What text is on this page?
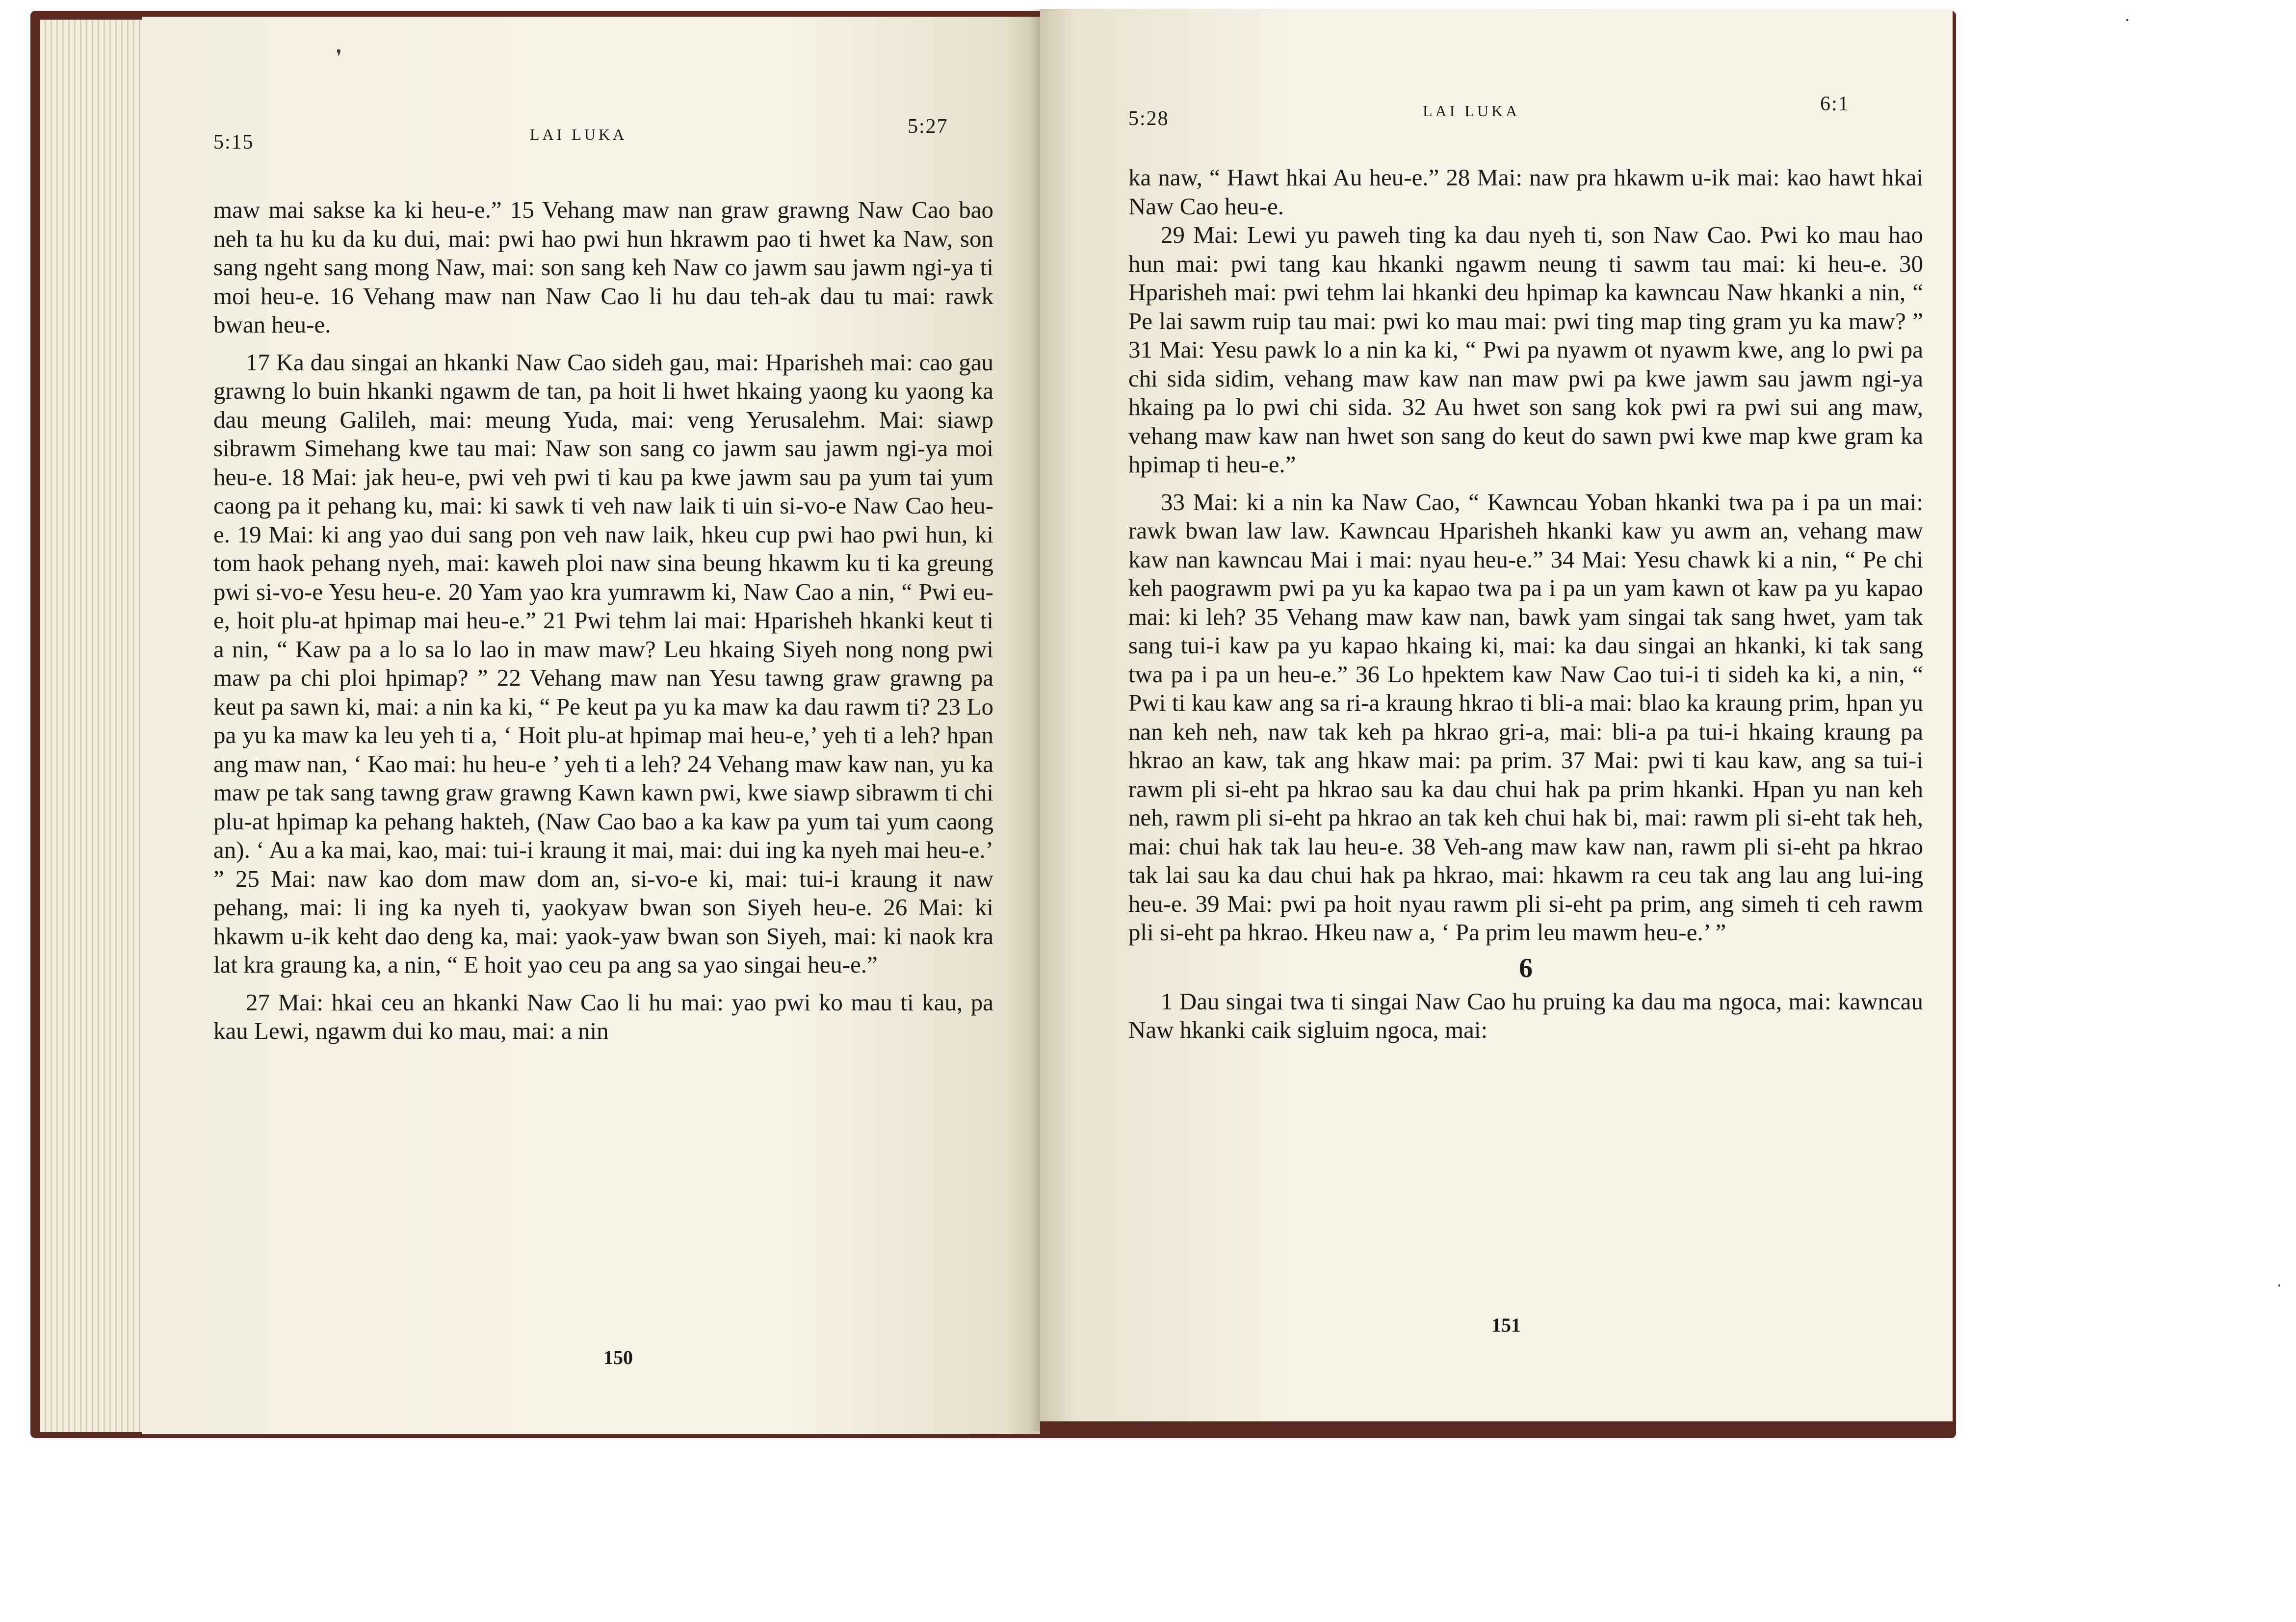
❜
5:15	LAI LUKA	5:27

maw mai sakse ka ki heu-e.” 15 Vehang maw nan graw grawng Naw Cao bao neh ta hu ku da ku dui, mai: pwi hao pwi hun hkrawm pao ti hwet ka Naw, son sang ngeht sang mong Naw, mai: son sang keh Naw co jawm sau jawm ngi-ya ti moi heu-e. 16 Vehang maw nan Naw Cao li hu dau teh-ak dau tu mai: rawk bwan heu-e.

17 Ka dau singai an hkanki Naw Cao sideh gau, mai: Hparisheh mai: cao gau grawng lo buin hkanki ngawm de tan, pa hoit li hwet hkaing yaong ku yaong ka dau meung Galileh, mai: meung Yuda, mai: veng Yerusalehm. Mai: siawp sibrawm Simehang kwe tau mai: Naw son sang co jawm sau jawm ngi-ya moi heu-e. 18 Mai: jak heu-e, pwi veh pwi ti kau pa kwe jawm sau pa yum tai yum caong pa it pehang ku, mai: ki sawk ti veh naw laik ti uin si-vo-e Naw Cao heu-e. 19 Mai: ki ang yao dui sang pon veh naw laik, hkeu cup pwi hao pwi hun, ki tom haok pehang nyeh, mai: kaweh ploi naw sina beung hkawm ku ti ka greung pwi si-vo-e Yesu heu-e. 20 Yam yao kra yumrawm ki, Naw Cao a nin, “ Pwi eu-e, hoit plu-at hpimap mai heu-e.” 21 Pwi tehm lai mai: Hparisheh hkanki keut ti a nin, “ Kaw pa a lo sa lo lao in maw maw? Leu hkaing Siyeh nong nong pwi maw pa chi ploi hpimap? ” 22 Vehang maw nan Yesu tawng graw grawng pa keut pa sawn ki, mai: a nin ka ki, “ Pe keut pa yu ka maw ka dau rawm ti? 23 Lo pa yu ka maw ka leu yeh ti a, ‘ Hoit plu-at hpimap mai heu-e,’ yeh ti a leh? hpan ang maw nan, ‘ Kao mai: hu heu-e ’ yeh ti a leh? 24 Vehang maw kaw nan, yu ka maw pe tak sang tawng graw grawng Kawn kawn pwi, kwe siawp sibrawm ti chi plu-at hpimap ka pehang hakteh, (Naw Cao bao a ka kaw pa yum tai yum caong an). ‘ Au a ka mai, kao, mai: tui-i kraung it mai, mai: dui ing ka nyeh mai heu-e.’ ” 25 Mai: naw kao dom maw dom an, si-vo-e ki, mai: tui-i kraung it naw pehang, mai: li ing ka nyeh ti, yaokyaw bwan son Siyeh heu-e. 26 Mai: ki hkawm u-ik keht dao deng ka, mai: yaok-yaw bwan son Siyeh, mai: ki naok kra lat kra graung ka, a nin, “ E hoit yao ceu pa ang sa yao singai heu-e.”

27 Mai: hkai ceu an hkanki Naw Cao li hu mai: yao pwi ko mau ti kau, pa kau Lewi, ngawm dui ko mau, mai: a nin

150
5:28	LAI LUKA	6:1

ka naw, “ Hawt hkai Au heu-e.” 28 Mai: naw pra hkawm u-ik mai: kao hawt hkai Naw Cao heu-e.

29 Mai: Lewi yu paweh ting ka dau nyeh ti, son Naw Cao. Pwi ko mau hao hun mai: pwi tang kau hkanki ngawm neung ti sawm tau mai: ki heu-e. 30 Hparisheh mai: pwi tehm lai hkanki deu hpimap ka kawncau Naw hkanki a nin, “ Pe lai sawm ruip tau mai: pwi ko mau mai: pwi ting map ting gram yu ka maw? ” 31 Mai: Yesu pawk lo a nin ka ki, “ Pwi pa nyawm ot nyawm kwe, ang lo pwi pa chi sida sidim, vehang maw kaw nan maw pwi pa kwe jawm sau jawm ngi-ya hkaing pa lo pwi chi sida. 32 Au hwet son sang kok pwi ra pwi sui ang maw, vehang maw kaw nan hwet son sang do keut do sawn pwi kwe map kwe gram ka hpimap ti heu-e.”

33 Mai: ki a nin ka Naw Cao, “ Kawncau Yoban hkanki twa pa i pa un mai: rawk bwan law law. Kawncau Hparisheh hkanki kaw yu awm an, vehang maw kaw nan kawncau Mai i mai: nyau heu-e.” 34 Mai: Yesu chawk ki a nin, “ Pe chi keh paograwm pwi pa yu ka kapao twa pa i pa un yam kawn ot kaw pa yu kapao mai: ki leh? 35 Vehang maw kaw nan, bawk yam singai tak sang hwet, yam tak sang tui-i kaw pa yu kapao hkaing ki, mai: ka dau singai an hkanki, ki tak sang twa pa i pa un heu-e.” 36 Lo hpektem kaw Naw Cao tui-i ti sideh ka ki, a nin, “ Pwi ti kau kaw ang sa ri-a kraung hkrao ti bli-a mai: blao ka kraung prim, hpan yu nan keh neh, naw tak keh pa hkrao gri-a, mai: bli-a pa tui-i hkaing kraung pa hkrao an kaw, tak ang hkaw mai: pa prim. 37 Mai: pwi ti kau kaw, ang sa tui-i rawm pli si-eht pa hkrao sau ka dau chui hak pa prim hkanki. Hpan yu nan keh neh, rawm pli si-eht pa hkrao an tak keh chui hak bi, mai: rawm pli si-eht tak heh, mai: chui hak tak lau heu-e. 38 Veh-ang maw kaw nan, rawm pli si-eht pa hkrao tak lai sau ka dau chui hak pa hkrao, mai: hkawm ra ceu tak ang lau ang lui-ing heu-e. 39 Mai: pwi pa hoit nyau rawm pli si-eht pa prim, ang simeh ti ceh rawm pli si-eht pa hkrao. Hkeu naw a, ‘ Pa prim leu mawm heu-e.’ ”

6

1 Dau singai twa ti singai Naw Cao hu pruing ka dau ma ngoca, mai: kawncau Naw hkanki caik sigluim ngoca, mai:

151
·
·
